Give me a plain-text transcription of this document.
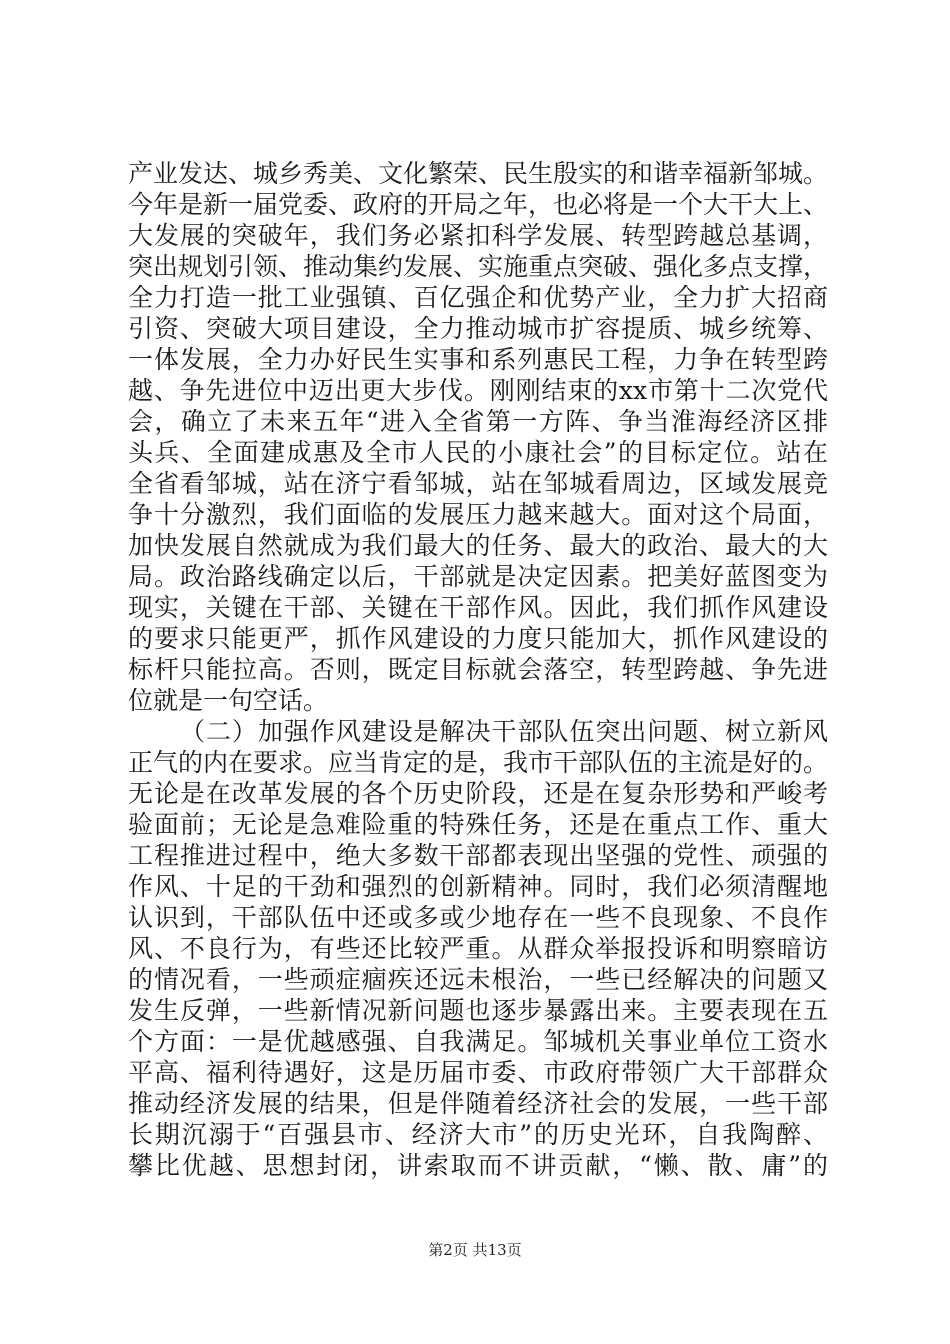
产业发达、城乡秀美、文化繁荣、民生殷实的和谐幸福新邹城。
今年是新一届党委、政府的开局之年，也必将是一个大干大上、
大发展的突破年，我们务必紧扣科学发展、转型跨越总基调，
突出规划引领、推动集约发展、实施重点突破、强化多点支撑，
全力打造一批工业强镇、百亿强企和优势产业，全力扩大招商
引资、突破大项目建设，全力推动城市扩容提质、城乡统筹、
一体发展，全力办好民生实事和系列惠民工程，力争在转型跨
越、争先进位中迈出更大步伐。刚刚结束的xx市第十二次党代
会，确立了未来五年“进入全省第一方阵、争当淮海经济区排
头兵、全面建成惠及全市人民的小康社会”的目标定位。站在
全省看邹城，站在济宁看邹城，站在邹城看周边，区域发展竞
争十分激烈，我们面临的发展压力越来越大。面对这个局面，
加快发展自然就成为我们最大的任务、最大的政治、最大的大
局。政治路线确定以后，干部就是决定因素。把美好蓝图变为
现实，关键在干部、关键在干部作风。因此，我们抓作风建设
的要求只能更严，抓作风建设的力度只能加大，抓作风建设的
标杆只能拉高。否则，既定目标就会落空，转型跨越、争先进
位就是一句空话。
（二）加强作风建设是解决干部队伍突出问题、树立新风
正气的内在要求。应当肯定的是，我市干部队伍的主流是好的。
无论是在改革发展的各个历史阶段，还是在复杂形势和严峻考
验面前；无论是急难险重的特殊任务，还是在重点工作、重大
工程推进过程中，绝大多数干部都表现出坚强的党性、顽强的
作风、十足的干劲和强烈的创新精神。同时，我们必须清醒地
认识到，干部队伍中还或多或少地存在一些不良现象、不良作
风、不良行为，有些还比较严重。从群众举报投诉和明察暗访
的情况看，一些顽症痼疾还远未根治，一些已经解决的问题又
发生反弹，一些新情况新问题也逐步暴露出来。主要表现在五
个方面：一是优越感强、自我满足。邹城机关事业单位工资水
平高、福利待遇好，这是历届市委、市政府带领广大干部群众
推动经济发展的结果，但是伴随着经济社会的发展，一些干部
长期沉溺于“百强县市、经济大市”的历史光环，自我陶醉、
攀比优越、思想封闭，讲索取而不讲贡献，“懒、散、庸”的
第2页 共13页
